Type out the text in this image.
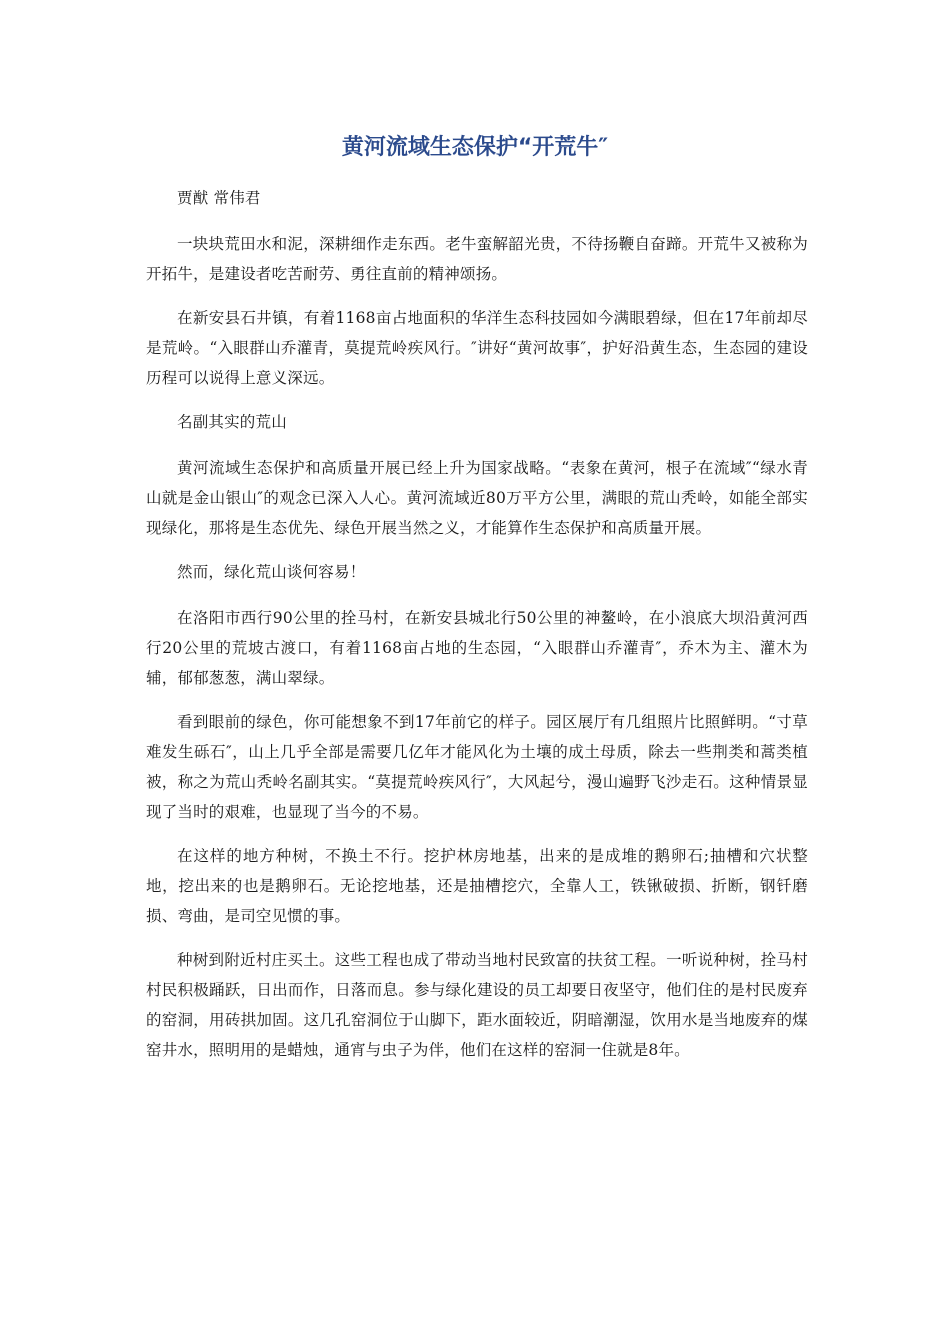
黄河流域生态保护“开荒牛″

贾猷 常伟君

一块块荒田水和泥，深耕细作走东西。老牛蛮解韶光贵，不待扬鞭自奋蹄。开荒牛又被称为开拓牛，是建设者吃苦耐劳、勇往直前的精神颂扬。

在新安县石井镇，有着1168亩占地面积的华洋生态科技园如今满眼碧绿，但在17年前却尽是荒岭。“入眼群山乔灌青，莫提荒岭疾风行。″讲好“黄河故事″，护好沿黄生态，生态园的建设历程可以说得上意义深远。

名副其实的荒山

黄河流域生态保护和高质量开展已经上升为国家战略。“表象在黄河，根子在流域″“绿水青山就是金山银山″的观念已深入人心。黄河流域近80万平方公里，满眼的荒山秃岭，如能全部实现绿化，那将是生态优先、绿色开展当然之义，才能算作生态保护和高质量开展。

然而，绿化荒山谈何容易！

在洛阳市西行90公里的拴马村，在新安县城北行50公里的神鳌岭，在小浪底大坝沿黄河西行20公里的荒坡古渡口，有着1168亩占地的生态园，“入眼群山乔灌青″，乔木为主、灌木为辅，郁郁葱葱，满山翠绿。

看到眼前的绿色，你可能想象不到17年前它的样子。园区展厅有几组照片比照鲜明。“寸草难发生砾石″，山上几乎全部是需要几亿年才能风化为土壤的成土母质，除去一些荆类和蒿类植被，称之为荒山秃岭名副其实。“莫提荒岭疾风行″，大风起兮，漫山遍野飞沙走石。这种情景显现了当时的艰难，也显现了当今的不易。

在这样的地方种树，不换土不行。挖护林房地基，出来的是成堆的鹅卵石;抽槽和穴状整地，挖出来的也是鹅卵石。无论挖地基，还是抽槽挖穴，全靠人工，铁锹破损、折断，钢钎磨损、弯曲，是司空见惯的事。

种树到附近村庄买土。这些工程也成了带动当地村民致富的扶贫工程。一听说种树，拴马村村民积极踊跃，日出而作，日落而息。参与绿化建设的员工却要日夜坚守，他们住的是村民废弃的窑洞，用砖拱加固。这几孔窑洞位于山脚下，距水面较近，阴暗潮湿，饮用水是当地废弃的煤窑井水，照明用的是蜡烛，通宵与虫子为伴，他们在这样的窑洞一住就是8年。
